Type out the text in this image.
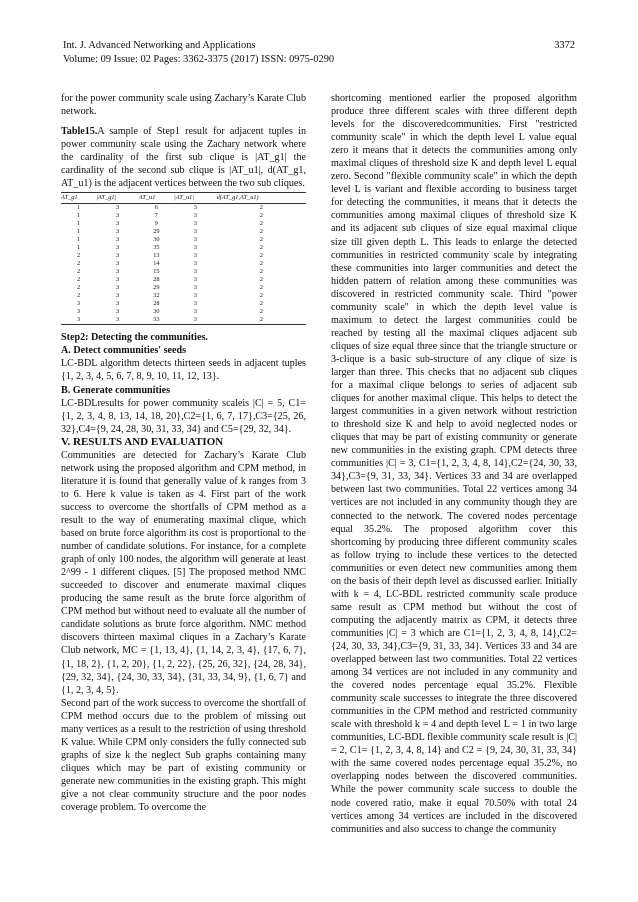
Int. J. Advanced Networking and Applications	3372
Volume: 09 Issue: 02 Pages: 3362-3375 (2017) ISSN: 0975-0290

for the power community scale using Zachary’s Karate Club network.

Table15.A sample of Step1 result for adjacent tuples in power community scale using the Zachary network where the cardinality of the first sub clique is |AT_g1| the cardinality of the second sub clique is |AT_u1|, d(AT_g1, AT_u1) is the adjacent vertices between the two sub cliques.

AT_g1	|AT_g1|	AT_u1	|AT_u1|	d(AT_g1,AT_u1)
1	3	6	3	2
1	3	7	3	2
1	3	9	3	2
1	3	29	3	2
1	3	30	3	2
1	3	35	3	2
2	3	13	3	2
2	3	14	3	2
2	3	15	3	2
2	3	28	3	2
2	3	29	3	2
2	3	32	3	2
3	3	28	3	2
3	3	30	3	2
3	3	33	3	2

Step2: Detecting the communities.

A. Detect communities' seeds

LC-BDL algorithm detects thirteen seeds in adjacent tuples {1, 2, 3, 4, 5, 6, 7, 8, 9, 10, 11, 12, 13}.

B. Generate communities

LC-BDLresults for power community scaleis |C| = 5, C1={1, 2, 3, 4, 8, 13, 14, 18, 20},C2={1, 6, 7, 17},C3={25, 26, 32},C4={9, 24, 28, 30, 31, 33, 34} and C5={29, 32, 34}.

V. RESULTS AND EVALUATION

Communities are detected for Zachary’s Karate Club network using the proposed algorithm and CPM method, in literature it is found that generally value of k ranges from 3 to 6. Here k value is taken as 4. First part of the work success to overcome the shortfalls of CPM method as a result to the way of enumerating maximal clique, which based on brute force algorithm its cost is proportional to the number of candidate solutions. For instance, for a complete graph of only 100 nodes, the algorithm will generate at least 2^99 - 1 different cliques. [5] The proposed method NMC succeeded to discover and enumerate maximal cliques producing the same result as the brute force algorithm of CPM method but without need to evaluate all the number of candidate solutions as brute force algorithm. NMC method discovers thirteen maximal cliques in a Zachary’s Karate Club network, MC = {1, 13, 4}, {1, 14, 2, 3, 4}, {17, 6, 7}, {1, 18, 2}, {1, 2, 20}, {1, 2, 22}, {25, 26, 32}, {24, 28, 34}, {29, 32, 34}, {24, 30, 33, 34}, {31, 33, 34, 9}, {1, 6, 7} and {1, 2, 3, 4, 5}.

Second part of the work success to overcome the shortfall of CPM method occurs due to the problem of missing out many vertices as a result to the restriction of using threshold K value. While CPM only considers the fully connected sub graphs of size k the neglect Sub graphs containing many cliques which may be part of existing community or generate new communities in the existing graph. This might give a not clear community structure and the poor nodes coverage problem. To overcome the

shortcoming mentioned earlier the proposed algorithm produce three different scales with three different depth levels for the discoveredcommunities. First "restricted community scale" in which the depth level L value equal zero it means that it detects the communities among only maximal cliques of threshold size K and depth level L equal zero. Second "flexible community scale" in which the depth level L is variant and flexible according to business target for detecting the communities, it means that it detects the communities among maximal cliques of threshold size K and its adjacent sub cliques of size equal maximal clique size till given depth L. This leads to enlarge the detected communities in restricted community scale by integrating these communities into larger communities and detect the hidden pattern of relation among these communities was discovered in restricted community scale. Third "power community scale" in which the depth level value is maximum to detect the largest communities could be reached by testing all the maximal cliques adjacent sub cliques of size equal three since that the triangle structure or 3-clique is a basic sub-structure of any clique of size is larger than three. This checks that no adjacent sub cliques for a maximal clique belongs to series of adjacent sub cliques for another maximal clique. This helps to detect the largest communities in a given network without restriction to threshold size K and help to avoid neglected nodes or cliques that may be part of existing community or generate new communities in the existing graph. CPM detects three communities |C| = 3, C1={1, 2, 3, 4, 8, 14},C2={24, 30, 33, 34},C3={9, 31, 33, 34}. Vertices 33 and 34 are overlapped between last two communities. Total 22 vertices among 34 vertices are not included in any community though they are connected to the network. The covered nodes percentage equal 35.2%. The proposed algorithm cover this shortcoming by producing three different community scales as follow trying to include these vertices to the detected communities or even detect new communities among them on the basis of their depth level as discussed earlier. Initially with k = 4, LC-BDL restricted community scale produce same result as CPM method but without the cost of computing the adjacently matrix as CPM, it detects three communities |C| = 3 which are C1={1, 2, 3, 4, 8, 14},C2={24, 30, 33, 34},C3={9, 31, 33, 34}. Vertices 33 and 34 are overlapped between last two communities. Total 22 vertices among 34 vertices are not included in any community and the covered nodes percentage equal 35.2%. Flexible community scale successes to integrate the three discovered communities in the CPM method and restricted community scale with threshold k = 4 and depth level L = 1 in two large communities, LC-BDL flexible community scale result is |C| = 2, C1= {1, 2, 3, 4, 8, 14} and C2 = {9, 24, 30, 31, 33, 34} with the same covered nodes percentage equal 35.2%, no overlapping nodes between the discovered communities. While the power community scale success to double the node covered ratio, make it equal 70.50% with total 24 vertices among 34 vertices are included in the discovered communities and also success to change the community
